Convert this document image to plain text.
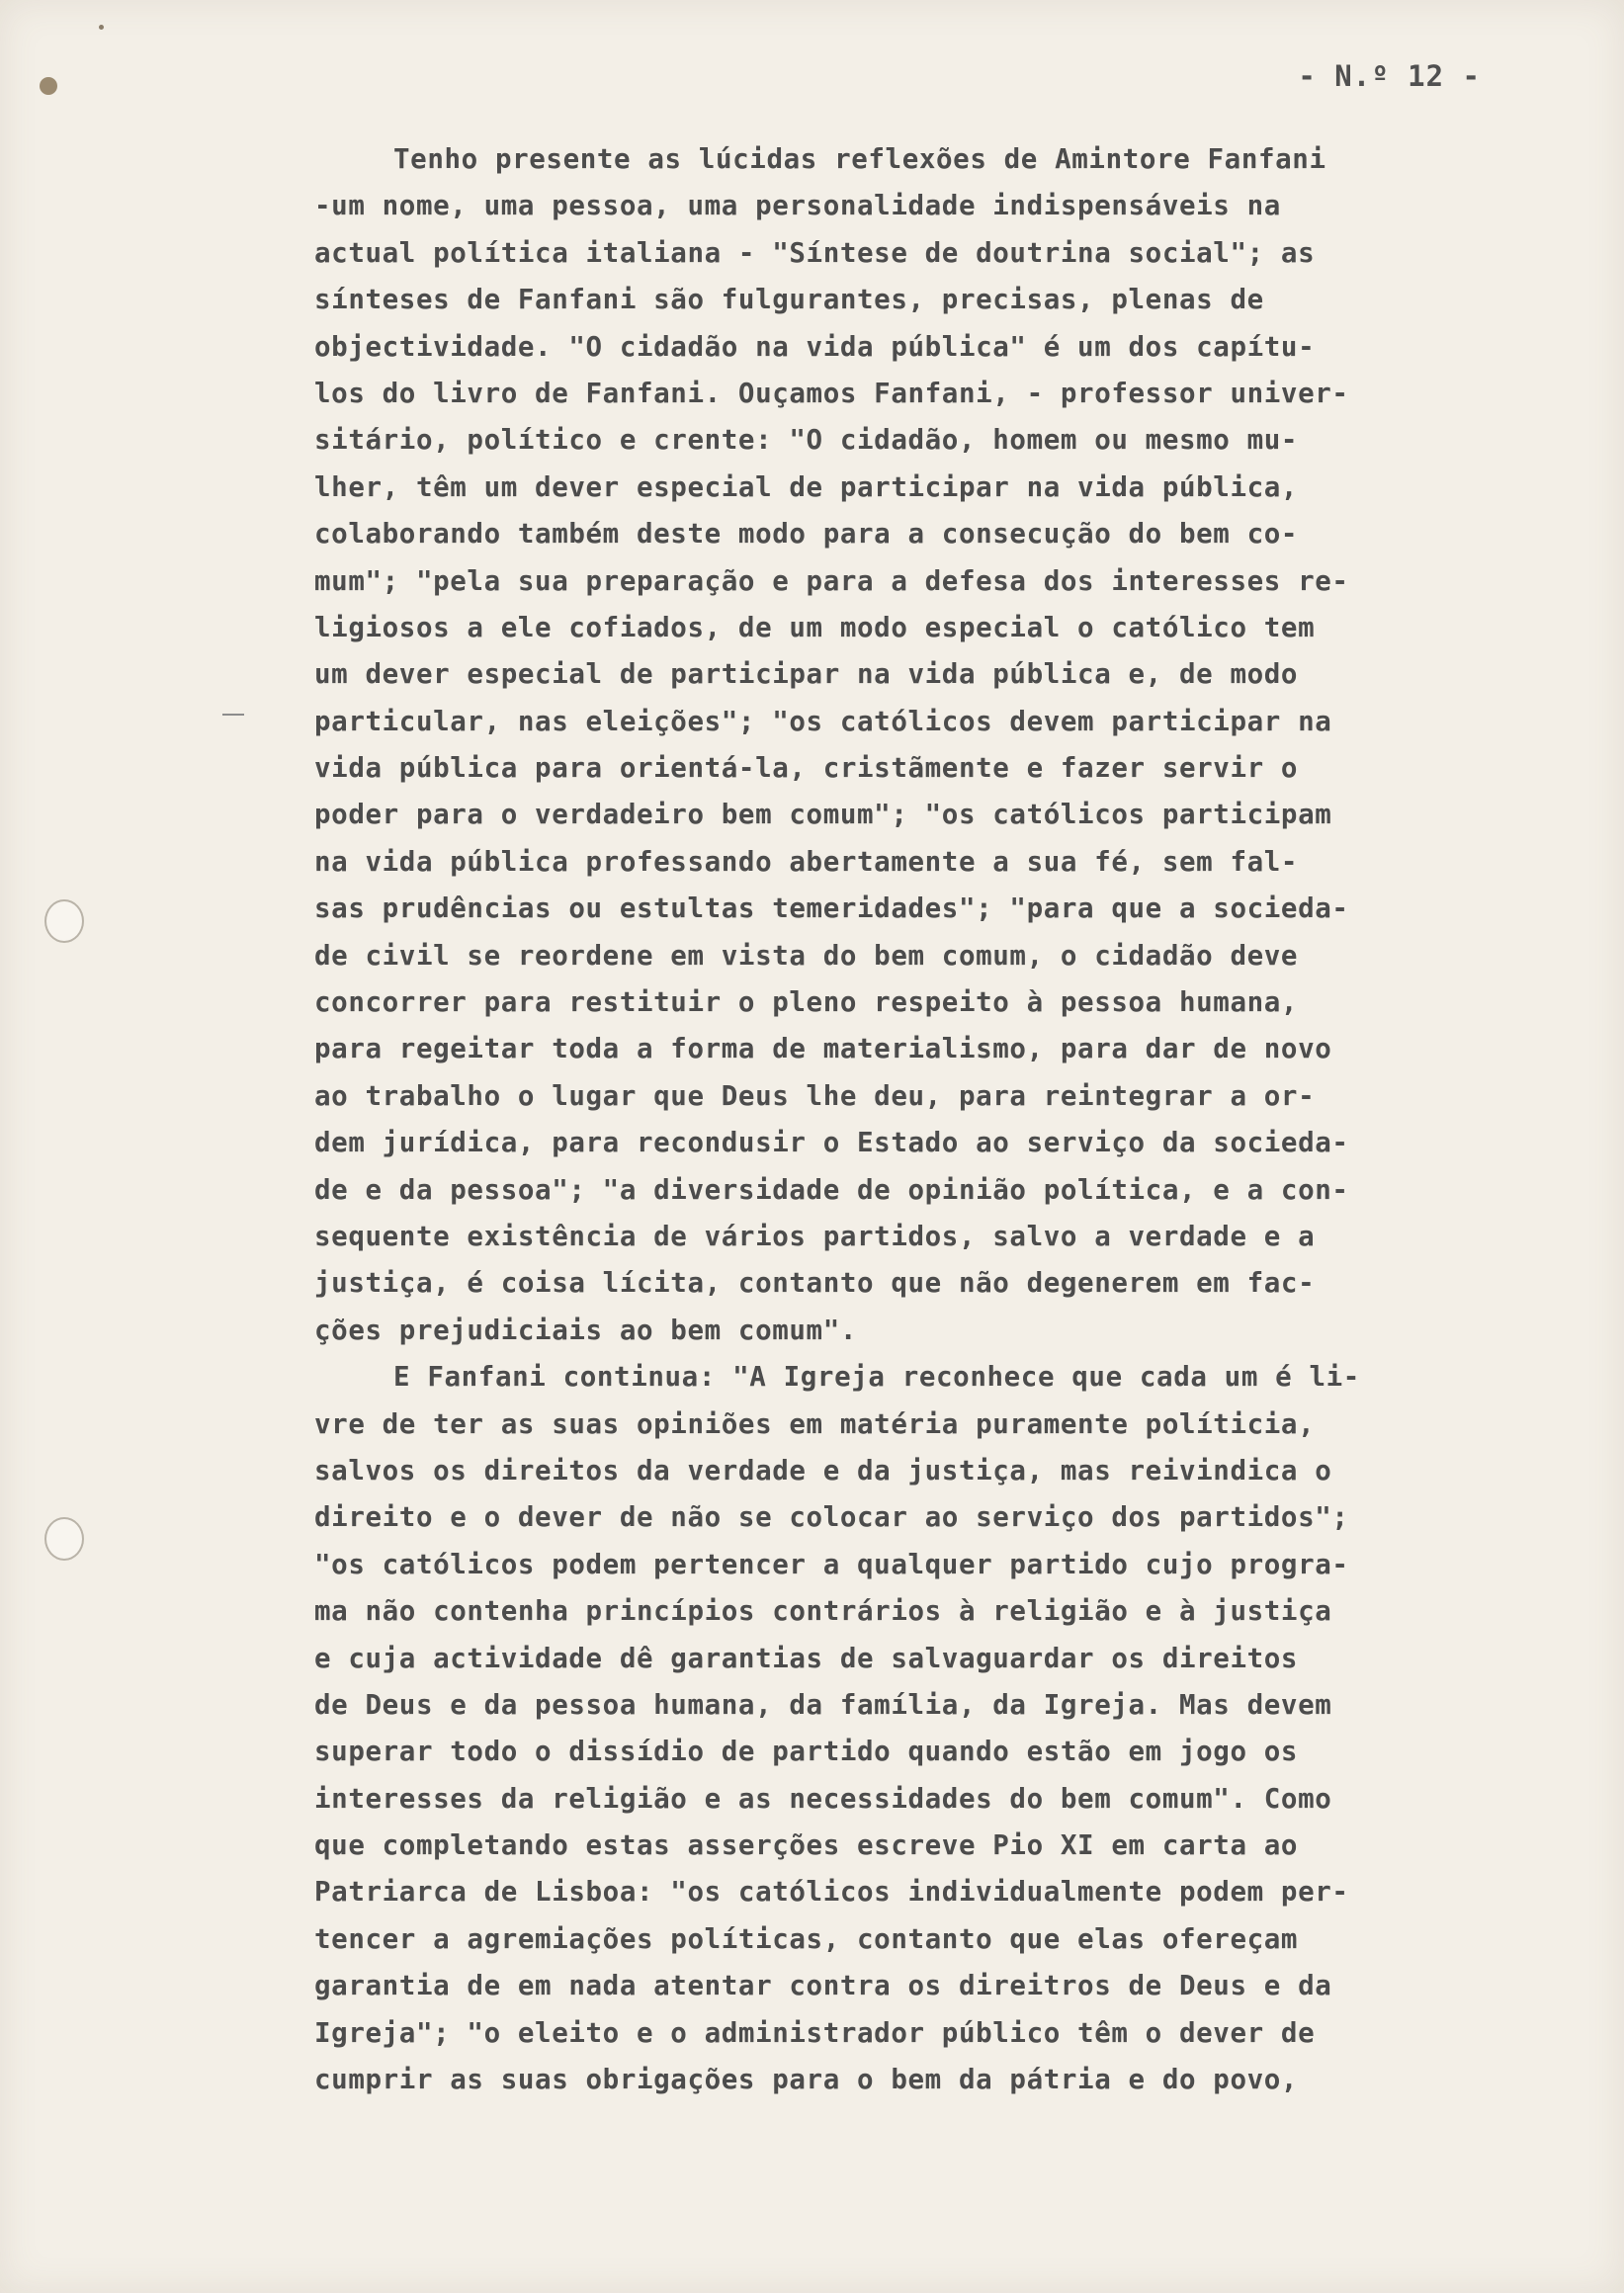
- N.º 12 -
Tenho presente as lúcidas reflexões de Amintore Fanfani
-um nome, uma pessoa, uma personalidade indispensáveis na
actual política italiana - "Síntese de doutrina social"; as
sínteses de Fanfani são fulgurantes, precisas, plenas de
objectividade. "O cidadão na vida pública" é um dos capítu-
los do livro de Fanfani. Ouçamos Fanfani, - professor univer-
sitário, político e crente: "O cidadão, homem ou mesmo mu-
lher, têm um dever especial de participar na vida pública,
colaborando também deste modo para a consecução do bem co-
mum"; "pela sua preparação e para a defesa dos interesses re-
ligiosos a ele cofiados, de um modo especial o católico tem
um dever especial de participar na vida pública e, de modo
particular, nas eleições"; "os católicos devem participar na
vida pública para orientá-la, cristãmente e fazer servir o
poder para o verdadeiro bem comum"; "os católicos participam
na vida pública professando abertamente a sua fé, sem fal-
sas prudências ou estultas temeridades"; "para que a socieda-
de civil se reordene em vista do bem comum, o cidadão deve
concorrer para restituir o pleno respeito à pessoa humana,
para regeitar toda a forma de materialismo, para dar de novo
ao trabalho o lugar que Deus lhe deu, para reintegrar a or-
dem jurídica, para recondusir o Estado ao serviço da socieda-
de e da pessoa"; "a diversidade de opinião política, e a con-
sequente existência de vários partidos, salvo a verdade e a
justiça, é coisa lícita, contanto que não degenerem em fac-
ções prejudiciais ao bem comum".
E Fanfani continua: "A Igreja reconhece que cada um é li-
vre de ter as suas opiniões em matéria puramente políticia,
salvos os direitos da verdade e da justiça, mas reivindica o
direito e o dever de não se colocar ao serviço dos partidos";
"os católicos podem pertencer a qualquer partido cujo progra-
ma não contenha princípios contrários à religião e à justiça
e cuja actividade dê garantias de salvaguardar os direitos
de Deus e da pessoa humana, da família, da Igreja. Mas devem
superar todo o dissídio de partido quando estão em jogo os
interesses da religião e as necessidades do bem comum". Como
que completando estas asserções escreve Pio XI em carta ao
Patriarca de Lisboa: "os católicos individualmente podem per-
tencer a agremiações políticas, contanto que elas ofereçam
garantia de em nada atentar contra os direitros de Deus e da
Igreja"; "o eleito e o administrador público têm o dever de
cumprir as suas obrigações para o bem da pátria e do povo,
